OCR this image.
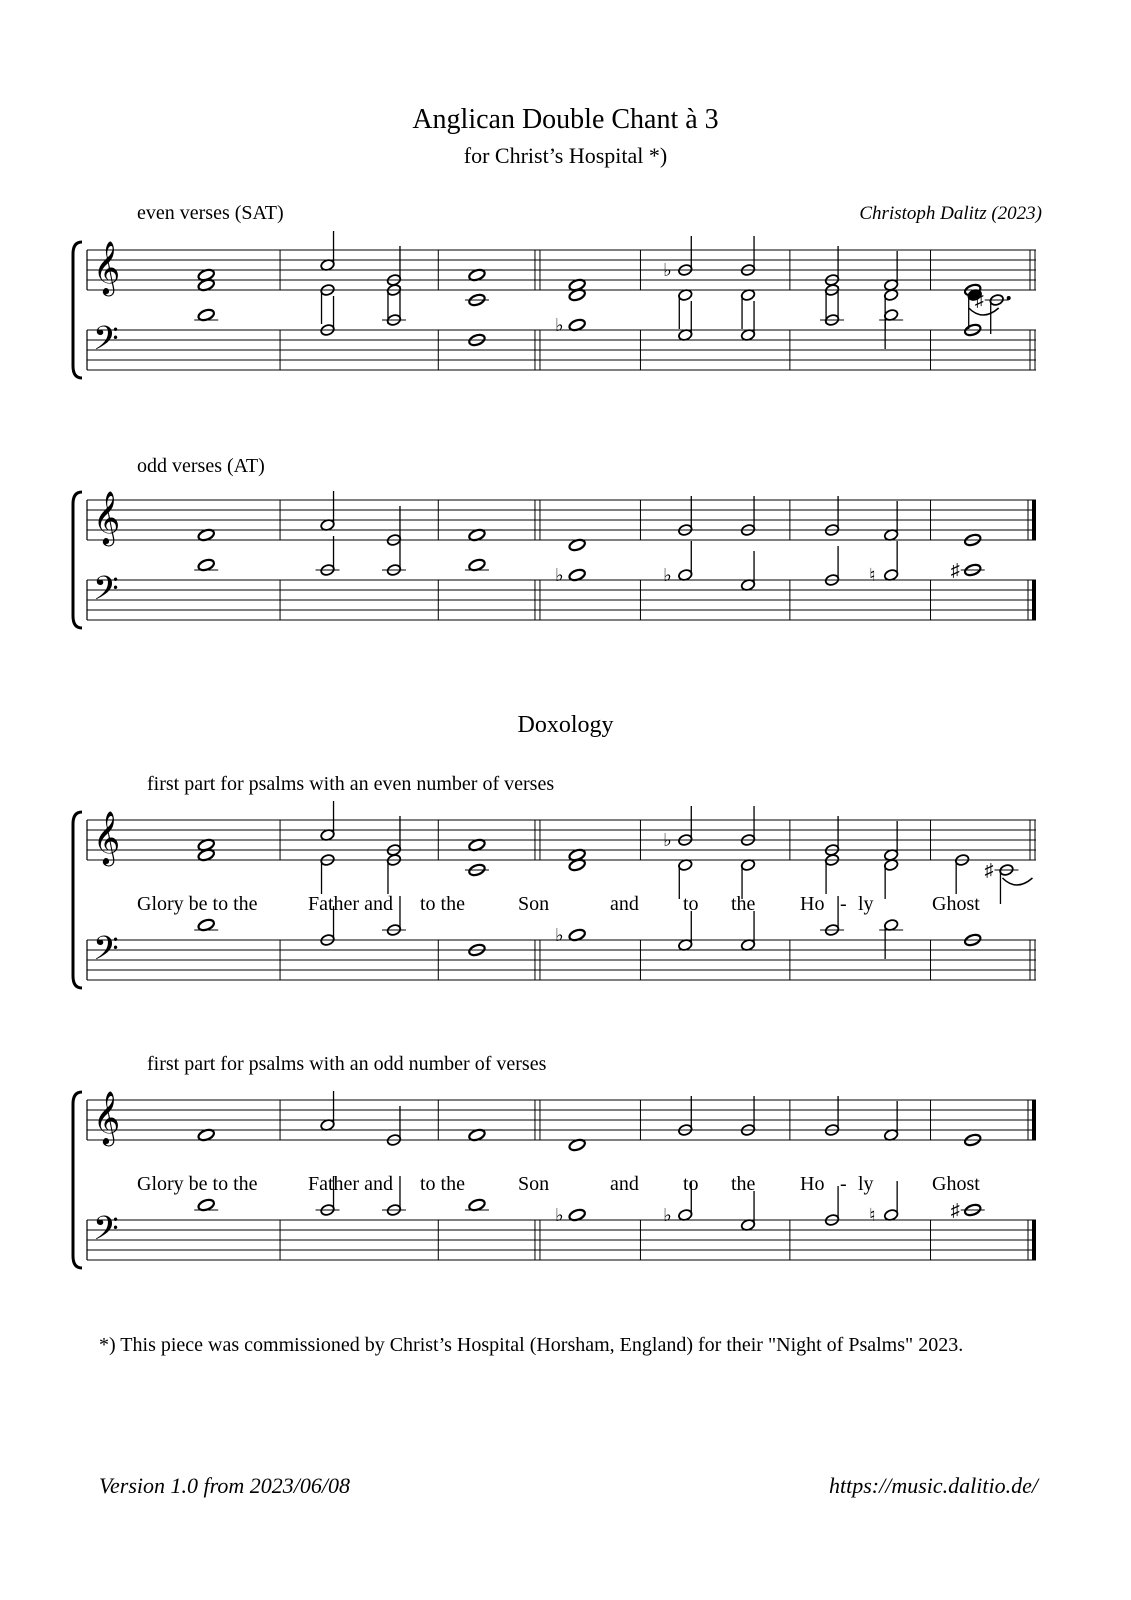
Anglican Double Chant à 3
for Christ’s Hospital *)
Christoph Dalitz (2023)
even verses (SAT)
𝄞
𝄢
♭
♯
♭
odd verses (AT)
𝄞
𝄢	♭	♭	♮	♯
Doxology
first part for psalms with an even number of verses
𝄞
𝄢
♭
♯
♭
Glory be to the	Father and to the	Son	and to the Ho - ly	Ghost
first part for psalms with an odd number of verses
𝄞
𝄢	♭	♭	♮	♯
Glory be to the	Father and to the	Son	and to the Ho - ly	Ghost
*) This piece was commissioned by Christ’s Hospital (Horsham, England) for their "Night of Psalms" 2023.
Version 1.0 from 2023/06/08	https://music.dalitio.de/
